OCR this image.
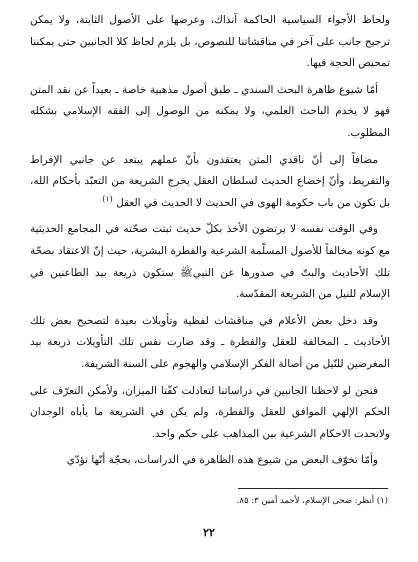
ولحاظ الأجواء السياسية الحاكمة آنذاك، وعرضها على الأصول الثابتة، ولا يمكن ترجيح جانب على آخر في مناقشاتنا للنصوص، بل يلزم لحاظ كلا الجانبين حتى يمكننا تمحيص الحجة فيها.

أمّا شيوع ظاهرة البحث السندي ـ طبق أصول مذهبية خاصة ـ بعيداً عن نقد المتن فهو لا يخدم الباحث العلمي، ولا يمكنه من الوصول إلى الفقه الإسلامي بشكله المطلوب.

مضافاً إلى أنّ ناقدي المتن يعتقدون بأنّ عملهم يبتعد عن جانبي الإفراط والتفريط، وأنّ إخضاع الحديث لسلطان العقل يخرج الشريعة من التعبّد بأحكام الله، بل تكون من باب حكومة الهوى في الحديث لا الحديث في العقل $^{(١)}$

وفي الوقت نفسه لا يرتضون الأخذ بكلّ حديث ثبتت صحّته في المجامع الحديثية مع كونه مخالفاً للأصول المسلّمة الشرعية والفطرة البشرية، حيث إنّ الاعتقاد بصحّة تلك الأحاديث والبتّ في صدورها عن النبيﷺ ستكون ذريعة بيد الطاعنين في الإسلام للنيل من الشريعة المقدّسة.

وقد دخل بعض الأعلام في مناقشات لفظية وتأويلات بعيدة لتصحيح بعض تلك الأحاديث ـ المخالفة للعقل والفطرة ـ وقد صارت نفس تلك التأويلات ذريعة بيد المغرضين للنّيل من أصالة الفكر الإسلامي والهجوم على السنة الشريفة.

فنحن لو لاحظنا الجانبين في دراساتنا لتعادلت كفّتا الميزان، ولأمكن التعرّف على الحكم الإلهي الموافق للعقل والفطرة، ولم يكن في الشريعة ما يأباه الوجدان ولاتحدت الاحكام الشرعية بين المذاهب على حكم واحد.

وأمّا تخوّف البعض من شيوع هذه الظاهرة في الدراسات، بحجّة أنّها تؤدّي

(١) أنظر: ضحى الإسلام، لأحمد أمين ٣: ٨٥.
٢٢
